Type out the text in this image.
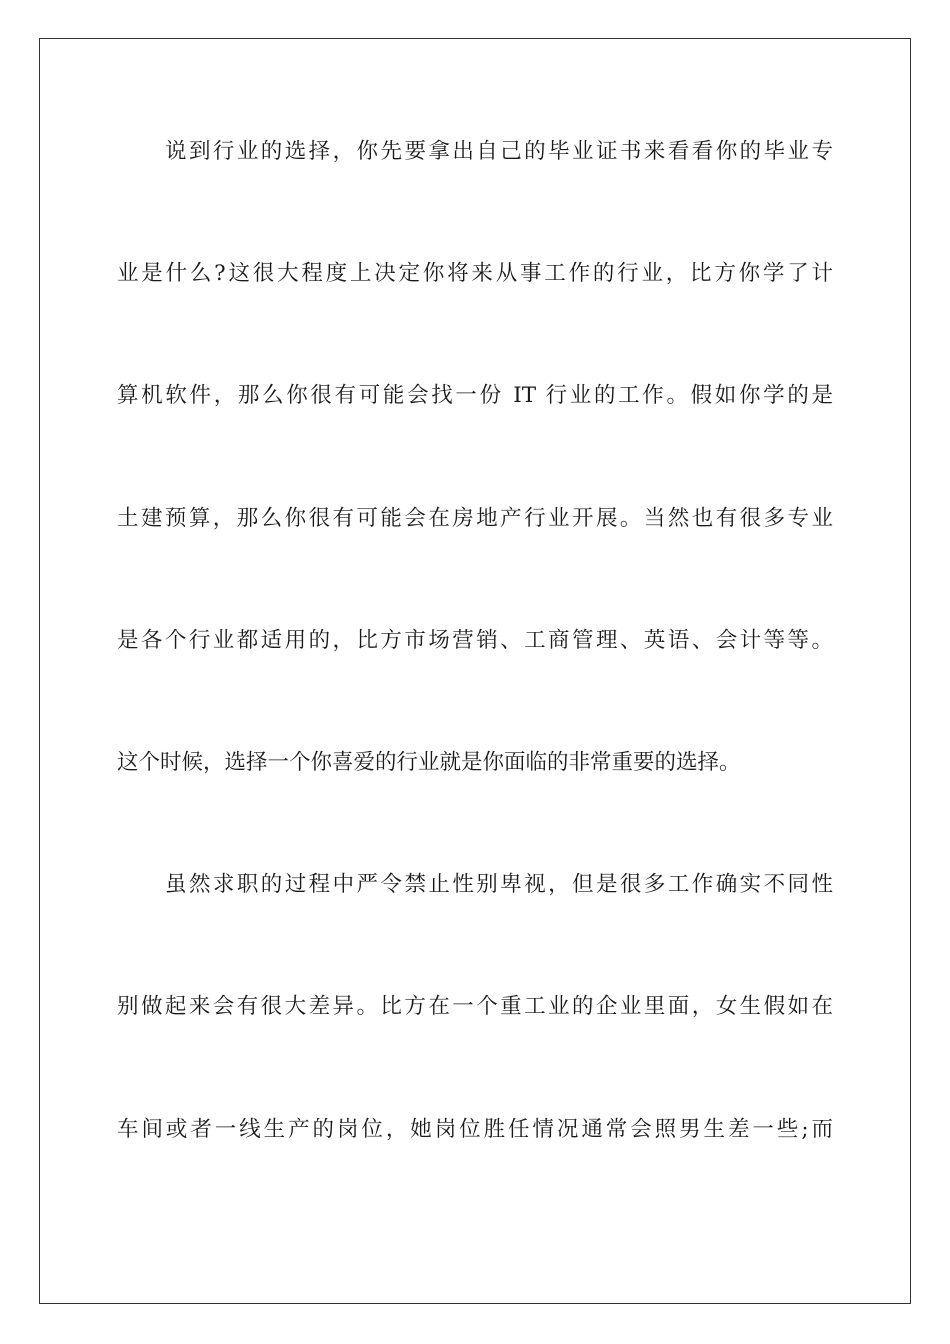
说到行业的选择，你先要拿出自己的毕业证书来看看你的毕业专
业是什么?这很大程度上决定你将来从事工作的行业，比方你学了计
算机软件，那么你很有可能会找一份 IT 行业的工作。假如你学的是
土建预算，那么你很有可能会在房地产行业开展。当然也有很多专业
是各个行业都适用的，比方市场营销、工商管理、英语、会计等等。
这个时候，选择一个你喜爱的行业就是你面临的非常重要的选择。
虽然求职的过程中严令禁止性别卑视，但是很多工作确实不同性
别做起来会有很大差异。比方在一个重工业的企业里面，女生假如在
车间或者一线生产的岗位，她岗位胜任情况通常会照男生差一些;而
